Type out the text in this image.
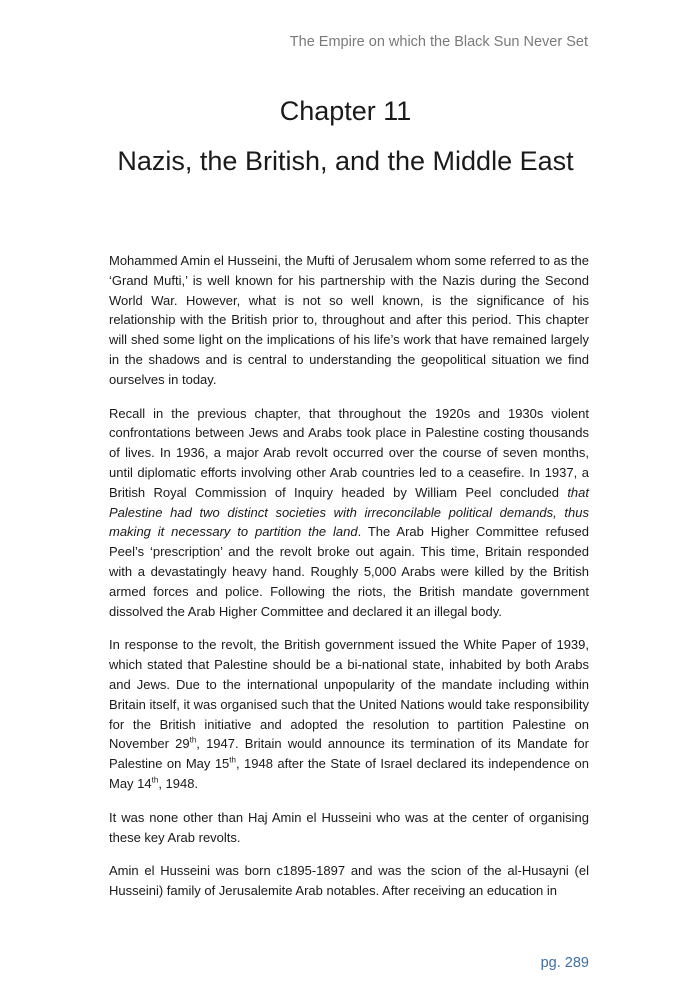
The Empire on which the Black Sun Never Set
Chapter 11
Nazis, the British, and the Middle East

Mohammed Amin el Husseini, the Mufti of Jerusalem whom some referred to as the ‘Grand Mufti,’ is well known for his partnership with the Nazis during the Second World War. However, what is not so well known, is the significance of his relationship with the British prior to, throughout and after this period. This chapter will shed some light on the implications of his life’s work that have remained largely in the shadows and is central to understanding the geopolitical situation we find ourselves in today.

Recall in the previous chapter, that throughout the 1920s and 1930s violent confrontations between Jews and Arabs took place in Palestine costing thousands of lives. In 1936, a major Arab revolt occurred over the course of seven months, until diplomatic efforts involving other Arab countries led to a ceasefire. In 1937, a British Royal Commission of Inquiry headed by William Peel concluded that Palestine had two distinct societies with irreconcilable political demands, thus making it necessary to partition the land. The Arab Higher Committee refused Peel’s ‘prescription’ and the revolt broke out again. This time, Britain responded with a devastatingly heavy hand. Roughly 5,000 Arabs were killed by the British armed forces and police. Following the riots, the British mandate government dissolved the Arab Higher Committee and declared it an illegal body.

In response to the revolt, the British government issued the White Paper of 1939, which stated that Palestine should be a bi-national state, inhabited by both Arabs and Jews. Due to the international unpopularity of the mandate including within Britain itself, it was organised such that the United Nations would take responsibility for the British initiative and adopted the resolution to partition Palestine on November 29th, 1947. Britain would announce its termination of its Mandate for Palestine on May 15th, 1948 after the State of Israel declared its independence on May 14th, 1948.

It was none other than Haj Amin el Husseini who was at the center of organising these key Arab revolts.

Amin el Husseini was born c1895-1897 and was the scion of the al-Husayni (el Husseini) family of Jerusalemite Arab notables. After receiving an education in

pg. 289
